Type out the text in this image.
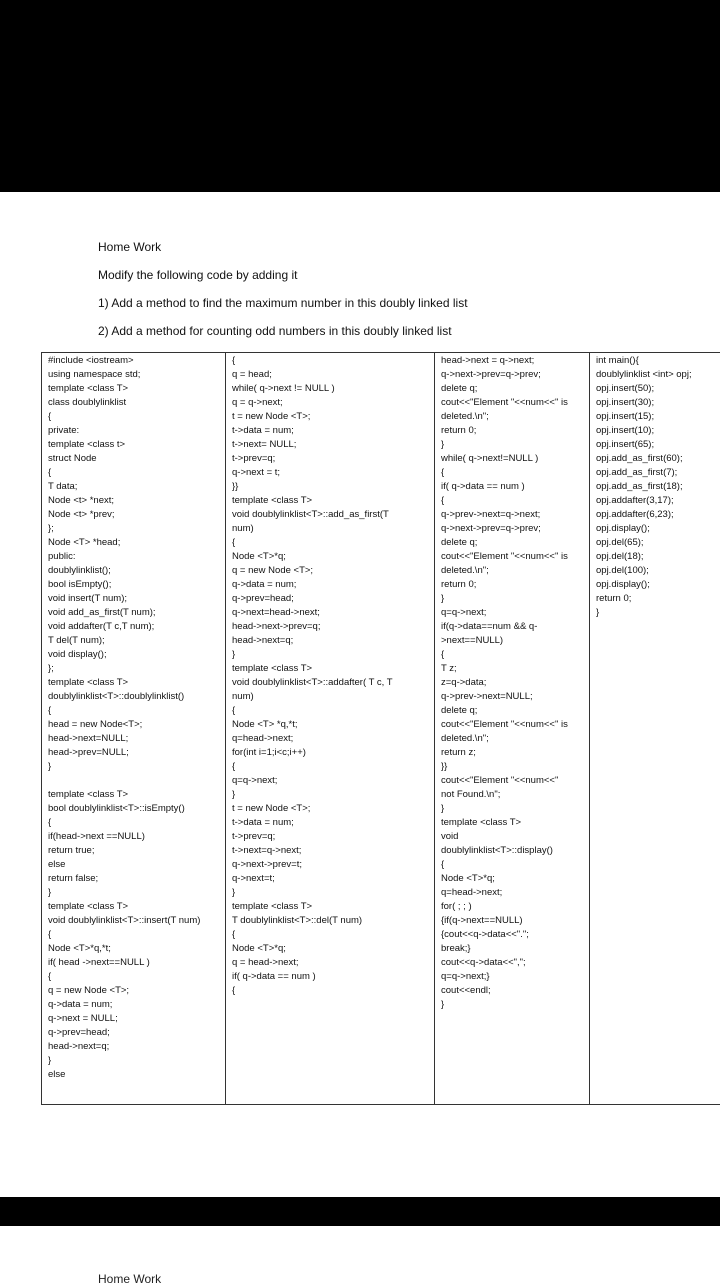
Home Work
Modify the following code by adding it
1) Add a method to find the maximum number in this doubly linked list
2) Add a method for counting odd numbers in this doubly linked list
#include <iostream>
using namespace std;
template <class T>
class doublylinklist
{
private:
template <class t>
struct Node
{
T data;
Node <t> *next;
Node <t> *prev;
};
Node <T> *head;
public:
doublylinklist();
bool isEmpty();
void insert(T num);
void add_as_first(T num);
void addafter(T c,T num);
T del(T num);
void display();
};
template <class T>
doublylinklist<T>::doublylinklist()
{
head = new Node<T>;
head->next=NULL;
head->prev=NULL;
}
template <class T>
bool doublylinklist<T>::isEmpty()
{
if(head->next ==NULL)
return true;
else
return false;
}
template <class T>
void doublylinklist<T>::insert(T num)
{
Node <T>*q,*t;
if( head ->next==NULL )
{
q = new Node <T>;
q->data = num;
q->next = NULL;
q->prev=head;
head->next=q;
}
else

{
q = head;
while( q->next != NULL )
q = q->next;
t = new Node <T>;
t->data = num;
t->next= NULL;
t->prev=q;
q->next = t;
}}
template <class T>
void doublylinklist<T>::add_as_first(T
num)
{
Node <T>*q;
q = new Node <T>;
q->data = num;
q->prev=head;
q->next=head->next;
head->next->prev=q;
head->next=q;
}
template <class T>
void doublylinklist<T>::addafter( T c, T
num)
{
Node <T> *q,*t;
q=head->next;
for(int i=1;i<c;i++)
{
q=q->next;
}
t = new Node <T>;
t->data = num;
t->prev=q;
t->next=q->next;
q->next->prev=t;
q->next=t;
}
template <class T>
T doublylinklist<T>::del(T num)
{
Node <T>*q;
q = head->next;
if( q->data == num )
{

head->next = q->next;
q->next->prev=q->prev;
delete q;
cout<<"Element "<<num<<" is
deleted.\n";
return 0;
}
while( q->next!=NULL )
{
if( q->data == num )
{
q->prev->next=q->next;
q->next->prev=q->prev;
delete q;
cout<<"Element "<<num<<" is
deleted.\n";
return 0;
}
q=q->next;
if(q->data==num && q-
>next==NULL)
{
T z;
z=q->data;
q->prev->next=NULL;
delete q;
cout<<"Element "<<num<<" is
deleted.\n";
return z;
}}
cout<<"Element "<<num<<"
not Found.\n";
}
template <class T>
void
doublylinklist<T>::display()
{
Node <T>*q;
q=head->next;
for( ; ; )
{if(q->next==NULL)
{cout<<q->data<<".";
break;}
cout<<q->data<<",";
q=q->next;}
cout<<endl;
}

int main(){
doublylinklist <int> opj;
opj.insert(50);
opj.insert(30);
opj.insert(15);
opj.insert(10);
opj.insert(65);
opj.add_as_first(60);
opj.add_as_first(7);
opj.add_as_first(18);
opj.addafter(3,17);
opj.addafter(6,23);
opj.display();
opj.del(65);
opj.del(18);
opj.del(100);
opj.display();
return 0;
}
Home Work
